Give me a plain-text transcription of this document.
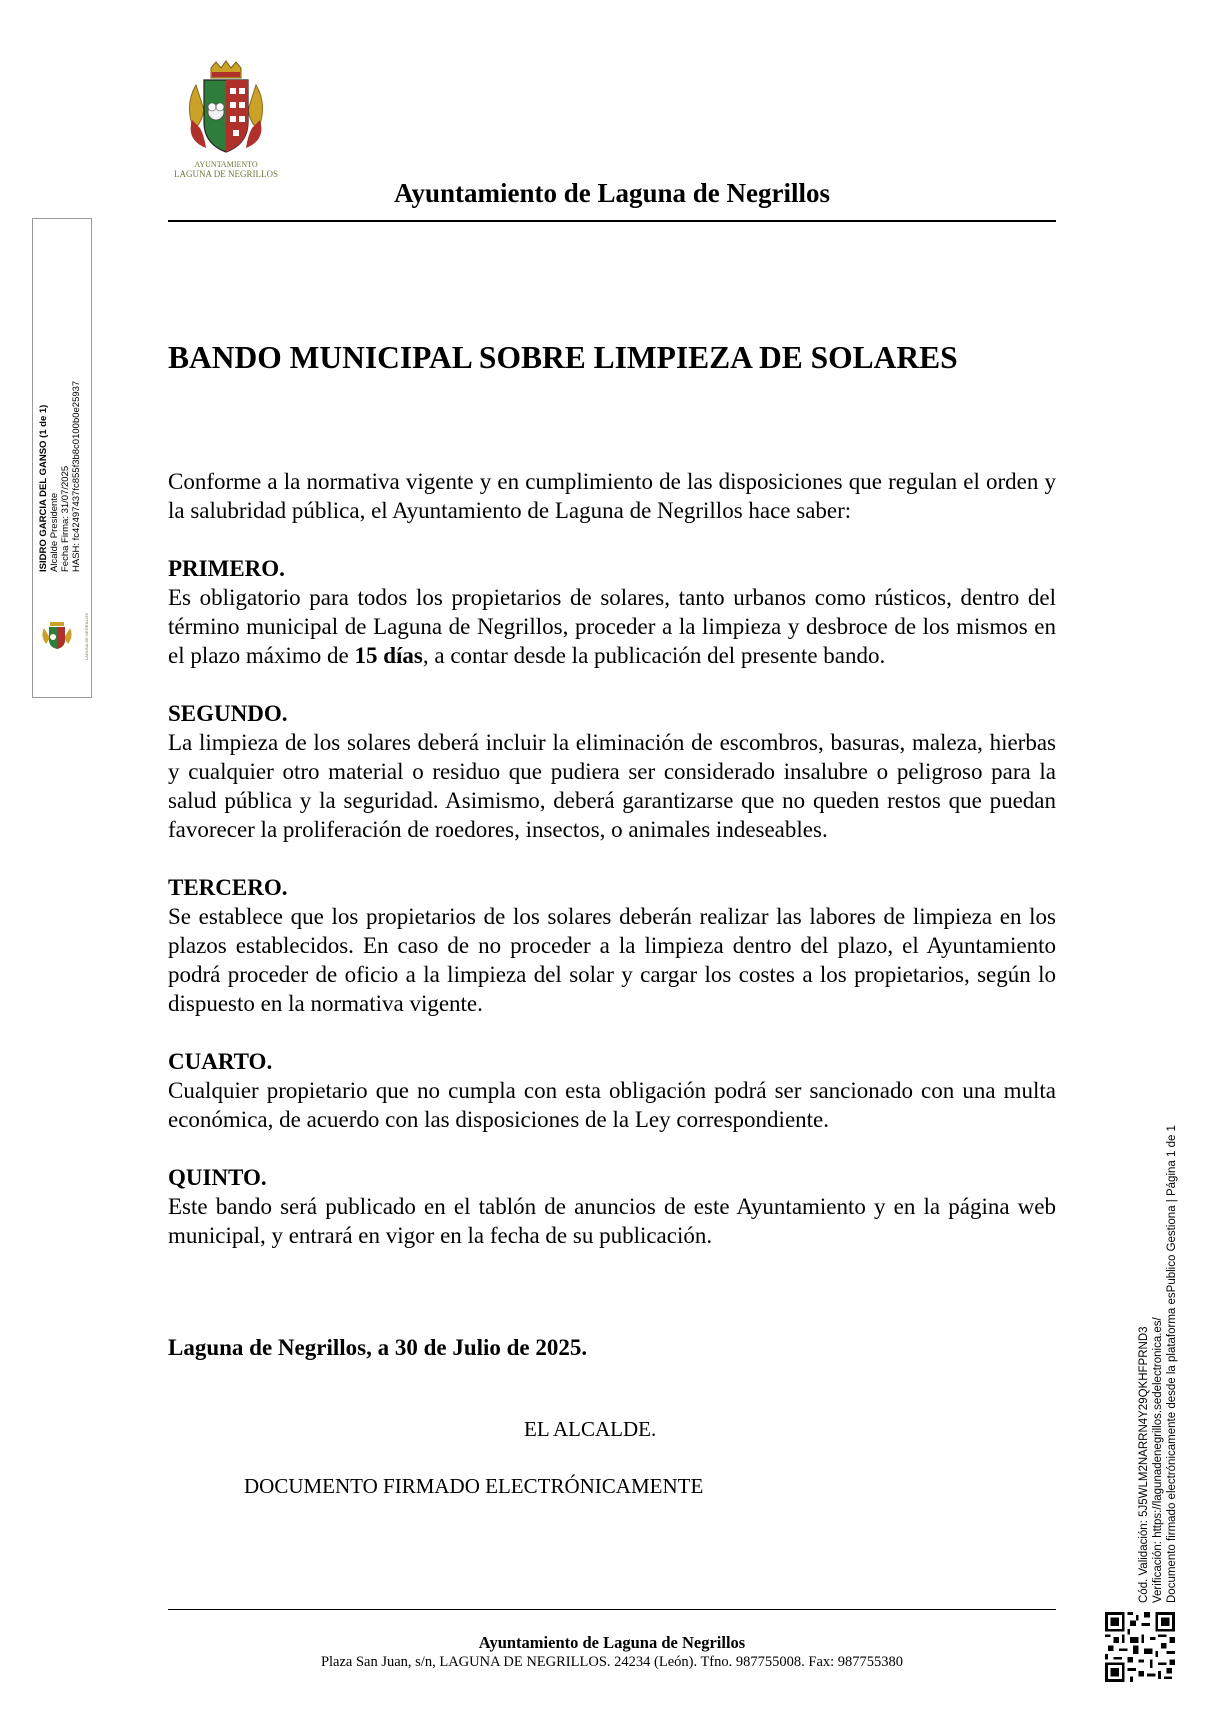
AYUNTAMIENTO
LAGUNA DE NEGRILLOS
Ayuntamiento de Laguna de Negrillos
ISIDRO GARCIA DEL GANSO (1 de 1) Alcalde Presidente Fecha Firma: 31/07/2025 HASH: fc42497437fc855f3b8c0100b0e25937
LAGUNA DE NEGRILLOS
BANDO MUNICIPAL SOBRE LIMPIEZA DE SOLARES

Conforme a la normativa vigente y en cumplimiento de las disposiciones que regulan el orden y la salubridad pública, el Ayuntamiento de Laguna de Negrillos hace saber:

PRIMERO.

Es obligatorio para todos los propietarios de solares, tanto urbanos como rústicos, dentro del término municipal de Laguna de Negrillos, proceder a la limpieza y desbroce de los mismos en el plazo máximo de 15 días, a contar desde la publicación del presente bando.

SEGUNDO.

La limpieza de los solares deberá incluir la eliminación de escombros, basuras, maleza, hierbas y cualquier otro material o residuo que pudiera ser considerado insalubre o peligroso para la salud pública y la seguridad. Asimismo, deberá garantizarse que no queden restos que puedan favorecer la proliferación de roedores, insectos, o animales indeseables.

TERCERO.

Se establece que los propietarios de los solares deberán realizar las labores de limpieza en los plazos establecidos. En caso de no proceder a la limpieza dentro del plazo, el Ayuntamiento podrá proceder de oficio a la limpieza del solar y cargar los costes a los propietarios, según lo dispuesto en la normativa vigente.

CUARTO.

Cualquier propietario que no cumpla con esta obligación podrá ser sancionado con una multa económica, de acuerdo con las disposiciones de la Ley correspondiente.

QUINTO.

Este bando será publicado en el tablón de anuncios de este Ayuntamiento y en la página web municipal, y entrará en vigor en la fecha de su publicación.

Laguna de Negrillos, a 30 de Julio de 2025.
EL ALCALDE.
DOCUMENTO FIRMADO ELECTRÓNICAMENTE
Ayuntamiento de Laguna de Negrillos
Plaza San Juan, s/n, LAGUNA DE NEGRILLOS. 24234 (León). Tfno. 987755008. Fax: 987755380
Cód. Validación: 5J5WLM2NARRN4Y29QKHFPRND3 Verificación: https://lagunadenegrillos.sedelectronica.es/ Documento firmado electrónicamente desde la plataforma esPublico Gestiona | Página 1 de 1
